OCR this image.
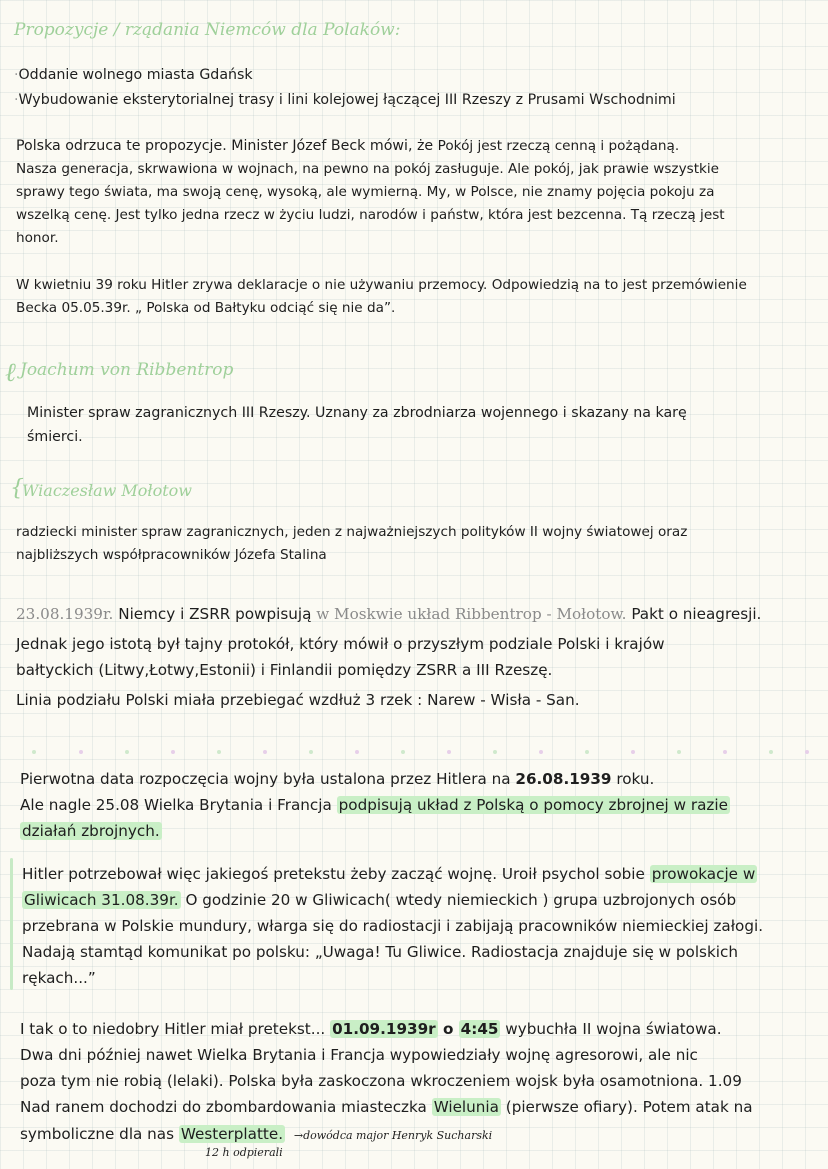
Propozycje / rządania Niemców dla Polaków:
·Oddanie wolnego miasta Gdańsk
·Wybudowanie eksterytorialnej trasy i lini kolejowej łączącej III Rzeszy z Prusami Wschodnimi
Polska odrzuca te propozycje. Minister Józef Beck mówi, że Pokój jest rzeczą cenną i pożądaną.
Nasza generacja, skrwawiona w wojnach, na pewno na pokój zasługuje. Ale pokój, jak prawie wszystkie
sprawy tego świata, ma swoją cenę, wysoką, ale wymierną. My, w Polsce, nie znamy pojęcia pokoju za
wszelką cenę. Jest tylko jedna rzecz w życiu ludzi, narodów i państw, która jest bezcenna. Tą rzeczą jest
honor.
W kwietniu 39 roku Hitler zrywa deklaracje o nie używaniu przemocy. Odpowiedzią na to jest przemówienie
Becka 05.05.39r. „ Polska od Bałtyku odciąć się nie da”.
ℓ Joachum von Ribbentrop
Minister spraw zagranicznych III Rzeszy. Uznany za zbrodniarza wojennego i skazany na karę
śmierci.
{
Wiaczesław Mołotow
radziecki minister spraw zagranicznych, jeden z najważniejszych polityków II wojny światowej oraz
najbliższych współpracowników Józefa Stalina
23.08.1939r. Niemcy i ZSRR powpisują w Moskwie układ Ribbentrop - Mołotow. Pakt o nieagresji.
Jednak jego istotą był tajny protokół, który mówił o przyszłym podziale Polski i krajów
bałtyckich (Litwy,Łotwy,Estonii) i Finlandii pomiędzy ZSRR a III Rzeszę.
Linia podziału Polski miała przebiegać wzdłuż 3 rzek : Narew - Wisła - San.
Pierwotna data rozpoczęcia wojny była ustalona przez Hitlera na 26.08.1939 roku.
Ale nagle 25.08 Wielka Brytania i Francja podpisują układ z Polską o pomocy zbrojnej w razie
działań zbrojnych.
Hitler potrzebował więc jakiegoś pretekstu żeby zacząć wojnę. Uroił psychol sobie prowokacje w
Gliwicach 31.08.39r. O godzinie 20 w Gliwicach( wtedy niemieckich ) grupa uzbrojonych osób
przebrana w Polskie mundury, włarga się do radiostacji i zabijają pracowników niemieckiej załogi.
Nadają stamtąd komunikat po polsku: „Uwaga! Tu Gliwice. Radiostacja znajduje się w polskich
rękach...”
I tak o to niedobry Hitler miał pretekst... 01.09.1939r o 4:45 wybuchła II wojna światowa.
Dwa dni później nawet Wielka Brytania i Francja wypowiedziały wojnę agresorowi, ale nic
poza tym nie robią (lelaki). Polska była zaskoczona wkroczeniem wojsk była osamotniona. 1.09
Nad ranem dochodzi do zbombardowania miasteczka Wielunia (pierwsze ofiary). Potem atak na
symboliczne dla nas Westerplatte. →dowódca major Henryk Sucharski
12 h odpierali
